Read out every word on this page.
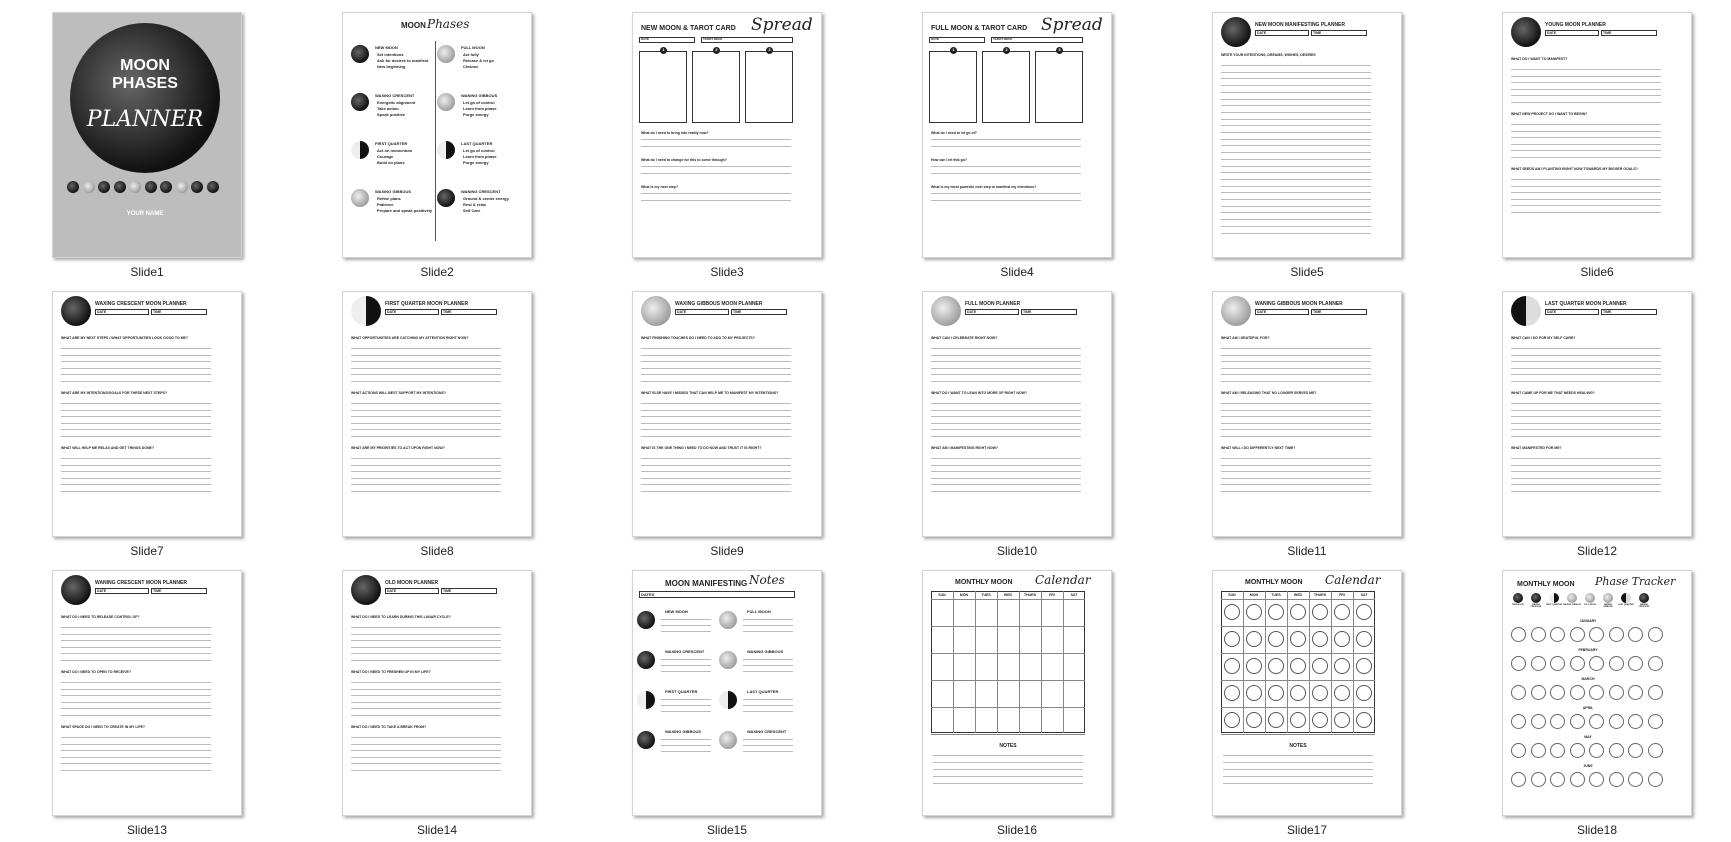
MOON
PHASES
PLANNER
YOUR NAME
Slide1
MOON Phases
NEW MOON
Set intentions
Ask for desires to manifest
New beginning
FULL MOON
Act fully
Release & let go
Cleanse
WAXING CRESCENT
Energetic alignment
Take action
Speak positive
WANING GIBBOUS
Let go of control
Learn from phase
Purge energy
FIRST QUARTER
Act on momentum
Courage
Build on plans
LAST QUARTER
Let go of control
Learn from phase
Purge energy
WAXING GIBBOUS
Refine plans
Patience
Prepare and speak positively
WANING CRESCENT
Ground & center energy
Rest & relax
Self Care
Slide2
NEW MOON & TAROT CARD Spread
DATE	TAROT DECK
1	2	3
What do I need to bring into reality now?
What do I need to change for this to come through?
What is my next step?
Slide3
FULL MOON & TAROT CARD Spread
DATE	TAROT DECK
1	2	3
What do I need to let go of?
How can I let this go?
What is my most powerful next step to manifest my intentions?
Slide4
NEW MOON MANIFESTING PLANNER
DATE	TIME
WRITE YOUR INTENTIONS, DREAMS, WISHES, DESIRES
Slide5
YOUNG MOON PLANNER
DATE	TIME
WHAT DO I WANT TO MANIFEST?
WHAT NEW PROJECT DO I WANT TO BEGIN?
WHAT SEEDS AM I PLANTING RIGHT NOW TOWARDS MY BIGGER GOALS?
Slide6
WAXING CRESCENT MOON PLANNER
DATE	TIME
WHAT ARE MY NEXT STEPS / WHAT OPPORTUNITIES LOOK GOOD TO ME?
WHAT ARE MY INTENTIONS/GOALS FOR THESE NEXT STEPS?
WHAT WILL HELP ME RELAX AND GET THINGS DONE?
Slide7
FIRST QUARTER MOON PLANNER
DATE	TIME
WHAT OPPORTUNITIES ARE CATCHING MY ATTENTION RIGHT NOW?
WHAT ACTIONS WILL BEST SUPPORT MY INTENTIONS?
WHAT ARE MY PRIORITIES TO ACT UPON RIGHT NOW?
Slide8
WAXING GIBBOUS MOON PLANNER
DATE	TIME
WHAT FINISHING TOUCHES DO I NEED TO ADD TO MY PROJECTS?
WHAT ELSE HAVE I MISSED THAT CAN HELP ME TO MANIFEST MY INTENTIONS?
WHAT IS THE ONE THING I NEED TO DO NOW AND TRUST IT IS RIGHT?
Slide9
FULL MOON PLANNER
DATE	TIME
WHAT CAN I CELEBRATE RIGHT NOW?
WHAT DO I WANT TO LEAN INTO MORE OF RIGHT NOW?
WHAT AM I MANIFESTING RIGHT NOW?
Slide10
WANING GIBBOUS MOON PLANNER
DATE	TIME
WHAT AM I GRATEFUL FOR?
WHAT AM I RELEASING THAT NO LONGER SERVES ME?
WHAT WILL I DO DIFFERENTLY NEXT TIME?
Slide11
LAST QUARTER MOON PLANNER
DATE	TIME
WHAT CAN I DO FOR MY SELF CARE?
WHAT CAME UP FOR ME THAT NEEDS HEALING?
WHAT MANIFESTED FOR ME?
Slide12
WANING CRESCENT MOON PLANNER
DATE	TIME
WHAT DO I NEED TO RELEASE CONTROL OF?
WHAT DO I NEED TO OPEN TO RECEIVE?
WHAT SPACE DO I NEED TO CREATE IN MY LIFE?
Slide13
OLD MOON PLANNER
DATE	TIME
WHAT DO I NEED TO LEARN DURING THIS LUNAR CYCLE?
WHAT DO I NEED TO FRESHEN UP IN MY LIFE?
WHAT DO I NEED TO TAKE A BREAK FROM?
Slide14
MOON MANIFESTING Notes
DATES
NEW MOON	FULL MOON
WAXING CRESCENT	WANING GIBBOUS
FIRST QUARTER	LAST QUARTER
WAXING GIBBOUS	WAXING CRESCENT
Slide15
MONTHLY MOON Calendar
SUN	MON	TUES	WED	THURS	FRI	SAT
NOTES
Slide16
MONTHLY MOON Calendar
SUN	MON	TUES	WED	THURS	FRI	SAT
NOTES
Slide17
MONTHLY MOON Phase Tracker
NEW MOON	WAXING CRESCENT
FIRST QUARTER WAXING GIBBOUS	FULL MOON	WANING GIBBOUS
LAST QUARTER	WANING CRESCENT
JANUARY
FEBRUARY
MARCH
APRIL
MAY
JUNE
Slide18
